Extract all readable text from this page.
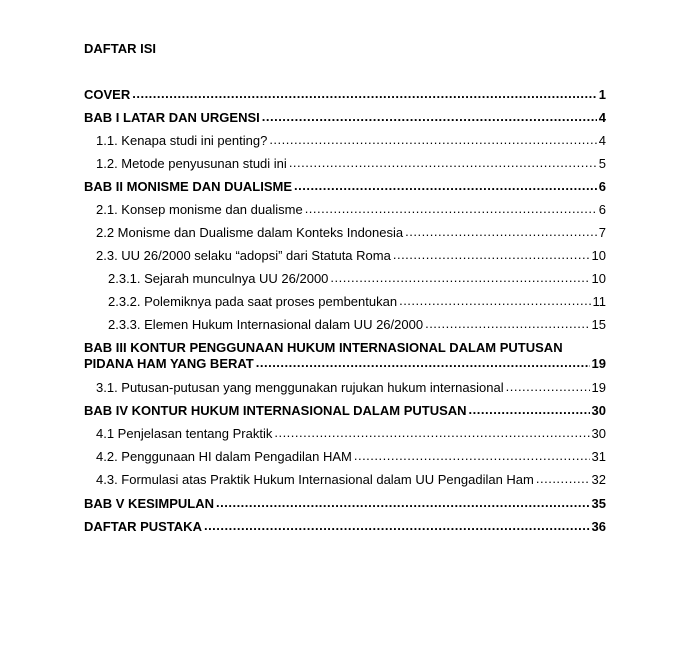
DAFTAR ISI
COVER .....	1
BAB I LATAR DAN URGENSI .....	4
1.1. Kenapa studi ini penting? .....	4
1.2. Metode penyusunan studi ini .....	5
BAB II MONISME DAN DUALISME .....	6
2.1. Konsep monisme dan dualisme .....	6
2.2 Monisme dan Dualisme dalam Konteks Indonesia .....	7
2.3. UU 26/2000 selaku “adopsi” dari Statuta Roma .....	10
2.3.1. Sejarah munculnya UU 26/2000 .....	10
2.3.2. Polemiknya pada saat proses pembentukan .....	11
2.3.3. Elemen Hukum Internasional dalam UU 26/2000 .....	15
BAB III KONTUR PENGGUNAAN HUKUM INTERNASIONAL DALAM PUTUSAN
PIDANA HAM YANG BERAT .....	19
3.1. Putusan-putusan yang menggunakan rujukan hukum internasional .....	19
BAB IV KONTUR HUKUM INTERNASIONAL DALAM PUTUSAN .....	30
4.1 Penjelasan tentang Praktik .....	30
4.2. Penggunaan HI dalam Pengadilan HAM .....	31
4.3. Formulasi atas Praktik Hukum Internasional dalam UU Pengadilan Ham .....	32
BAB V KESIMPULAN .....	35
DAFTAR PUSTAKA .....	36
